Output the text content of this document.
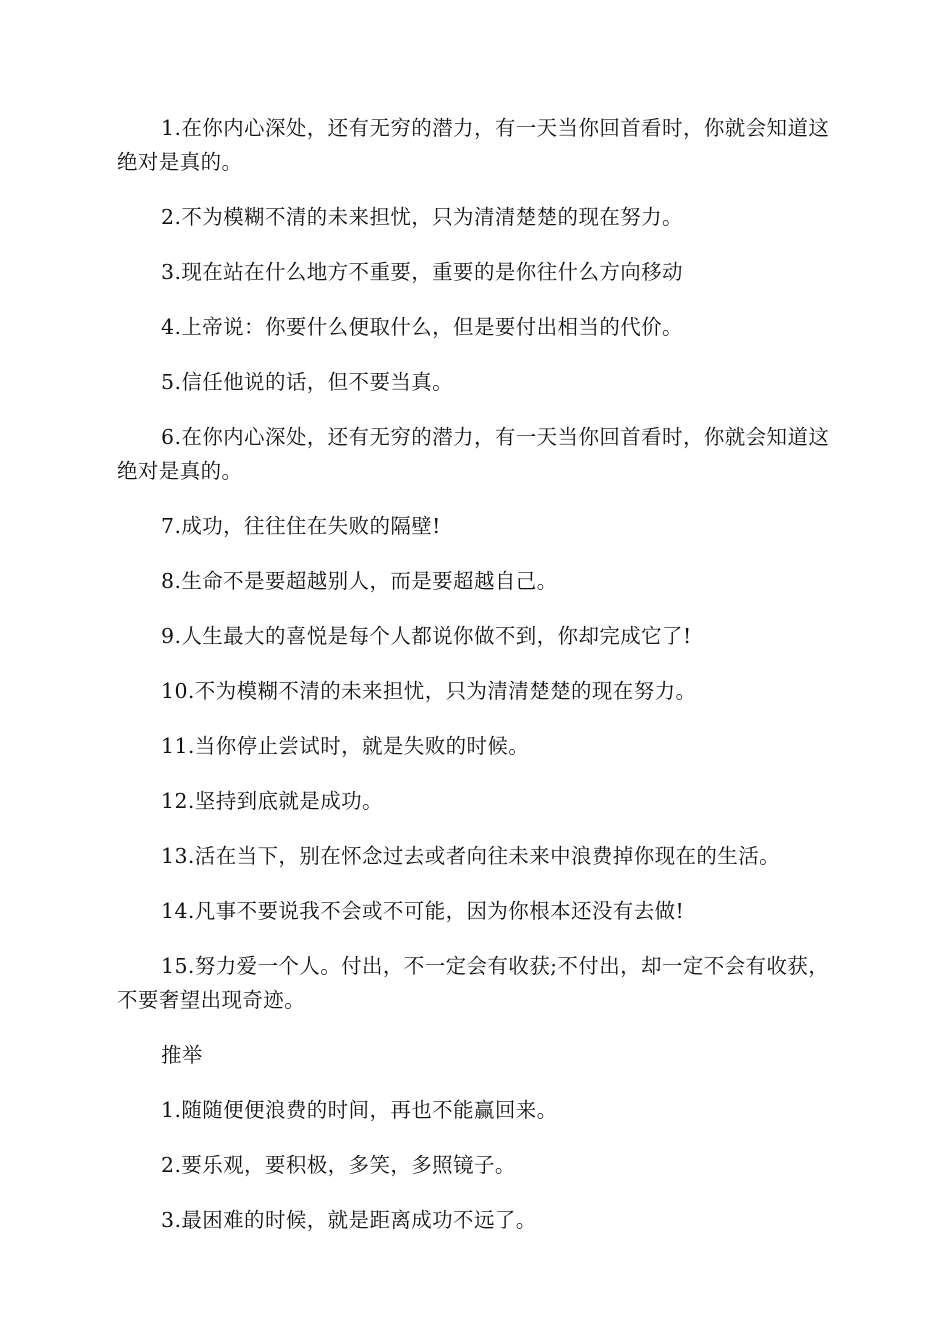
1.在你内心深处，还有无穷的潜力，有一天当你回首看时，你就会知道这绝对是真的。

2.不为模糊不清的未来担忧，只为清清楚楚的现在努力。

3.现在站在什么地方不重要，重要的是你往什么方向移动

4.上帝说：你要什么便取什么，但是要付出相当的代价。

5.信任他说的话，但不要当真。

6.在你内心深处，还有无穷的潜力，有一天当你回首看时，你就会知道这绝对是真的。

7.成功，往往住在失败的隔壁!

8.生命不是要超越别人，而是要超越自己。

9.人生最大的喜悦是每个人都说你做不到，你却完成它了!

10.不为模糊不清的未来担忧，只为清清楚楚的现在努力。

11.当你停止尝试时，就是失败的时候。

12.坚持到底就是成功。

13.活在当下，别在怀念过去或者向往未来中浪费掉你现在的生活。

14.凡事不要说我不会或不可能，因为你根本还没有去做!

15.努力爱一个人。付出，不一定会有收获;不付出，却一定不会有收获，不要奢望出现奇迹。

推举

1.随随便便浪费的时间，再也不能赢回来。

2.要乐观，要积极，多笑，多照镜子。

3.最困难的时候，就是距离成功不远了。
